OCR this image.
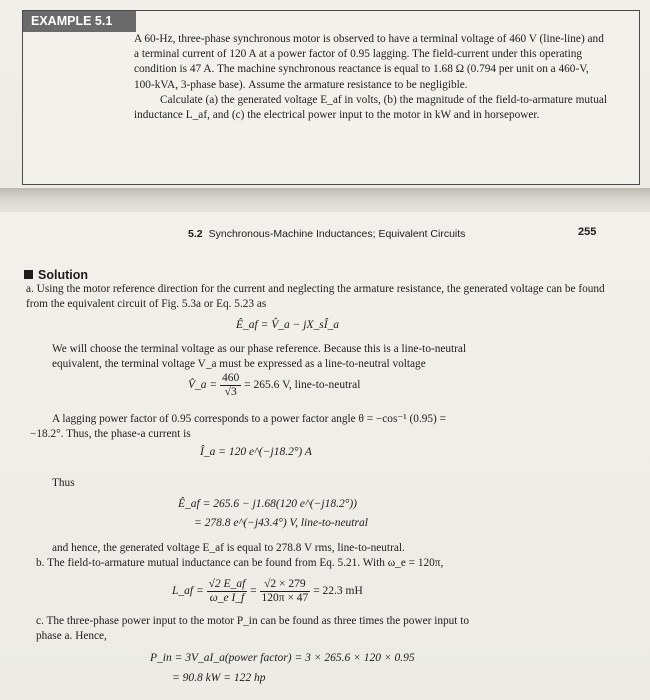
EXAMPLE 5.1

A 60-Hz, three-phase synchronous motor is observed to have a terminal voltage of 460 V (line-line) and a terminal current of 120 A at a power factor of 0.95 lagging. The field-current under this operating condition is 47 A. The machine synchronous reactance is equal to 1.68 Ω (0.794 per unit on a 460-V, 100-kVA, 3-phase base). Assume the armature resistance to be negligible.

Calculate (a) the generated voltage E_af in volts, (b) the magnitude of the field-to-armature mutual inductance L_af, and (c) the electrical power input to the motor in kW and in horsepower.

5.2 Synchronous-Machine Inductances; Equivalent Circuits	255
Solution
a. Using the motor reference direction for the current and neglecting the armature resistance, the generated voltage can be found from the equivalent circuit of Fig. 5.3a or Eq. 5.23 as
Ê_af = V̂_a − jX_sÎ_a
We will choose the terminal voltage as our phase reference. Because this is a line-to-neutral equivalent, the terminal voltage V_a must be expressed as a line-to-neutral voltage
V̂_a = $\frac{460}{√3} = 265.6$ V, line-to-neutral
A lagging power factor of 0.95 corresponds to a power factor angle θ = −cos⁻¹ (0.95) = −18.2°. Thus, the phase-a current is
Î_a = 120 e^(−j18.2°) A
Thus
Ê_af = 265.6 − j1.68(120 e^(−j18.2°))
= 278.8 e^(−j43.4°) V, line-to-neutral
and hence, the generated voltage E_af is equal to 278.8 V rms, line-to-neutral.
b. The field-to-armature mutual inductance can be found from Eq. 5.21. With ω_e = 120π,
L_af = $\frac{√2 E\_af}{\text{ω\_e I\_f}} = \frac{√2 \times 279}{120\pi \times 47} = 22.3$ mH
c. The three-phase power input to the motor P_in can be found as three times the power input to phase a. Hence,
P_in = 3V_aI_a(power factor) = 3 × 265.6 × 120 × 0.95
= 90.8 kW = 122 hp
